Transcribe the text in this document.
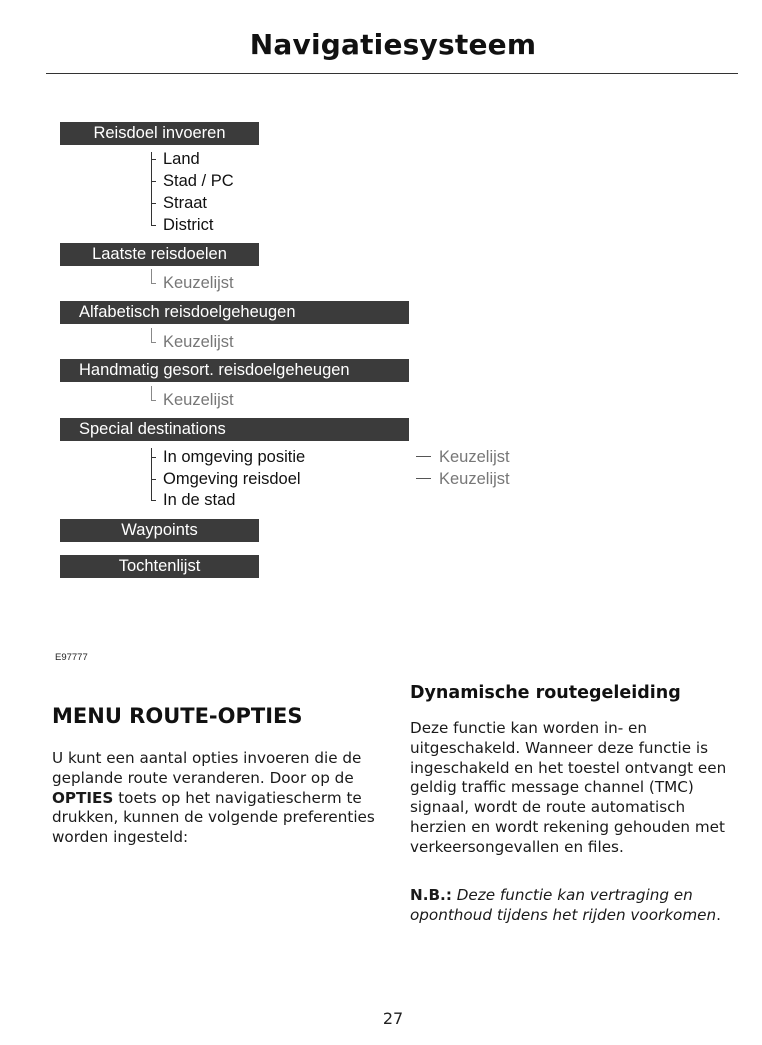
Navigatiesysteem
Reisdoel invoeren
Land
Stad / PC
Straat
District
Laatste reisdoelen
Keuzelijst
Alfabetisch reisdoelgeheugen
Keuzelijst
Handmatig gesort. reisdoelgeheugen
Keuzelijst
Special destinations
In omgeving positie
Omgeving reisdoel
In de stad
Keuzelijst
Keuzelijst
Waypoints
Tochtenlijst
E97777
MENU ROUTE-OPTIES
U kunt een aantal opties invoeren die de geplande route veranderen. Door op de OPTIES toets op het navigatiescherm te drukken, kunnen de volgende preferenties worden ingesteld:
Dynamische routegeleiding
Deze functie kan worden in- en uitgeschakeld. Wanneer deze functie is ingeschakeld en het toestel ontvangt een geldig traffic message channel (TMC) signaal, wordt de route automatisch herzien en wordt rekening gehouden met verkeersongevallen en files.
N.B.: Deze functie kan vertraging en oponthoud tijdens het rijden voorkomen.
27
